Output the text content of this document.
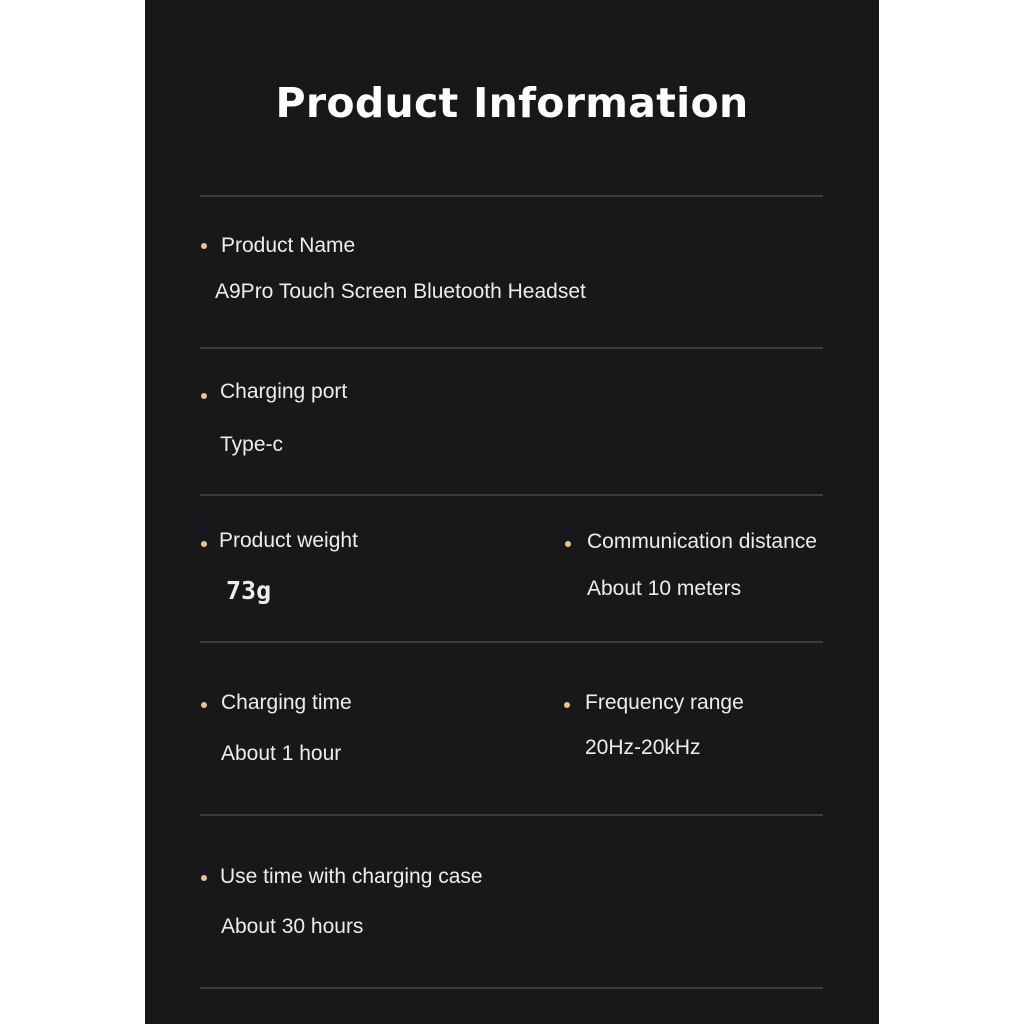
Product Information
Product Name
A9Pro Touch Screen Bluetooth Headset
Charging port
Type-c
Product weight
73g
Communication distance
About 10 meters
Charging time
About 1 hour
Frequency range
20Hz-20kHz
Use time with charging case
About 30 hours
